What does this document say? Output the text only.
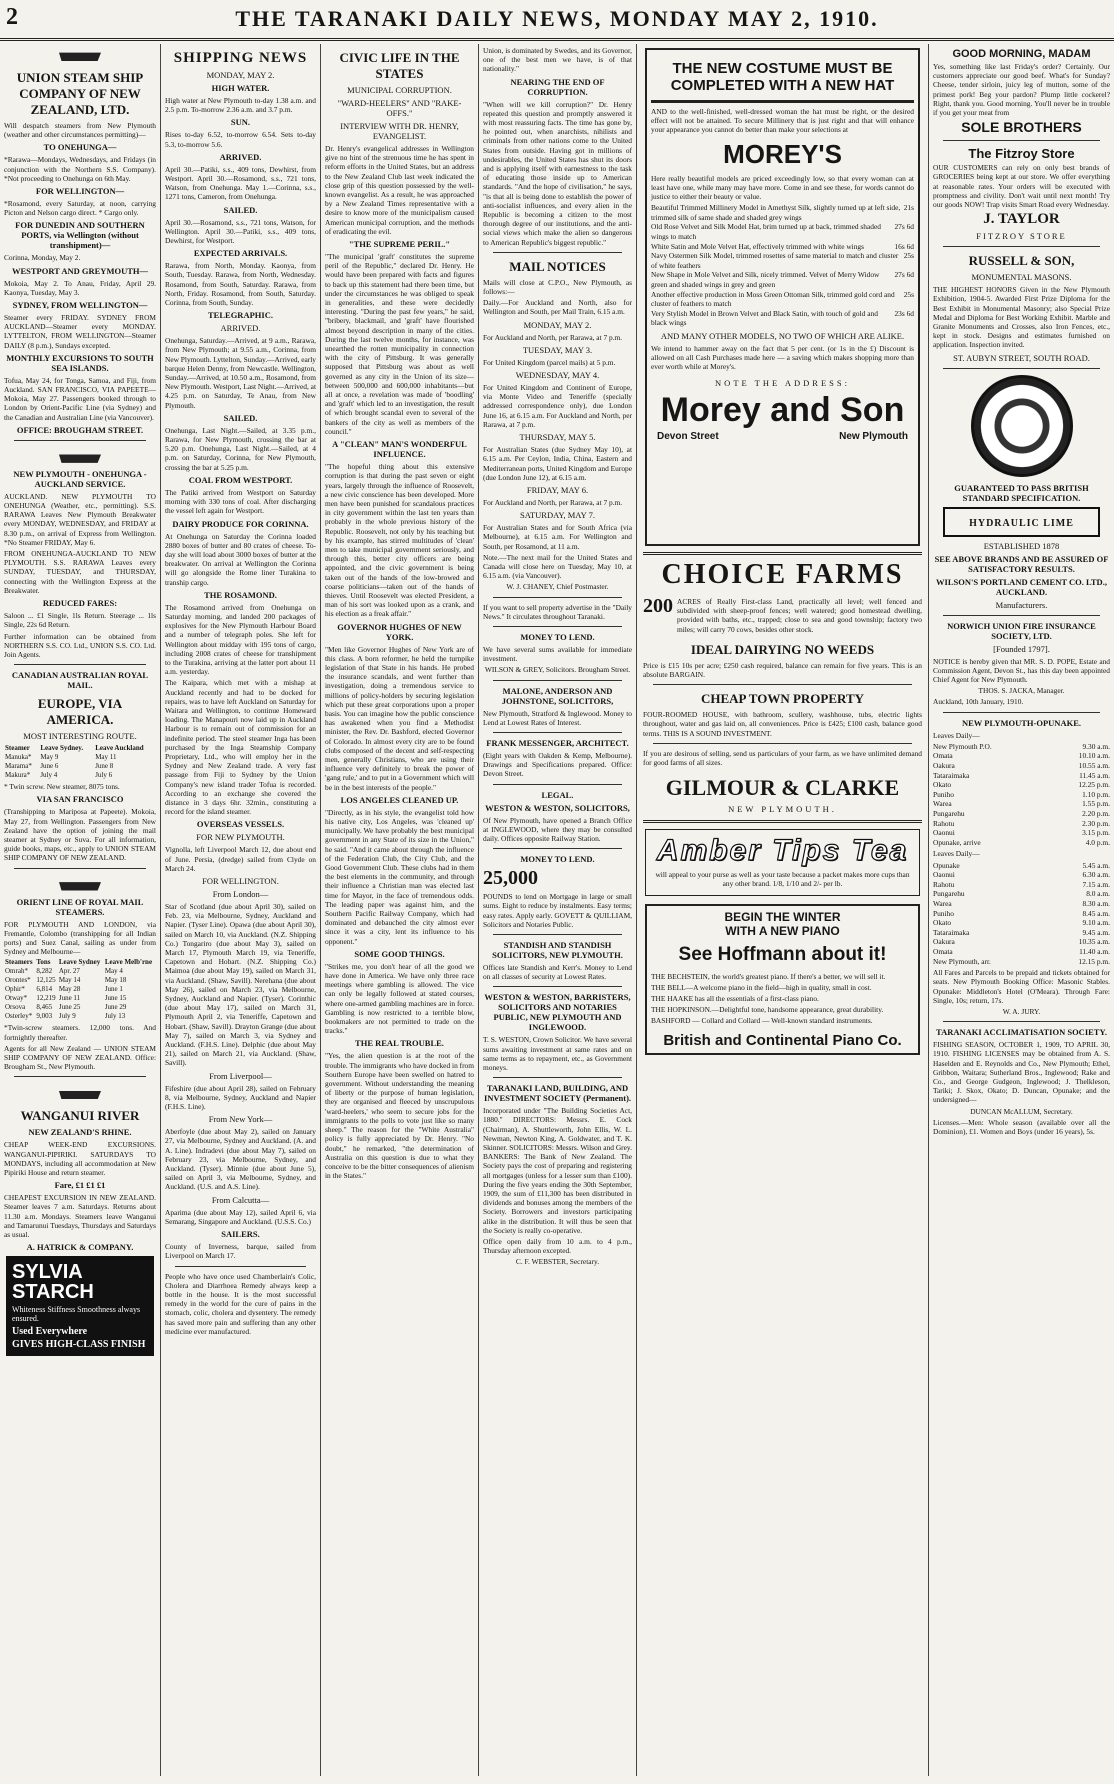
2	THE TARANAKI DAILY NEWS, MONDAY MAY 2, 1910.
UNION STEAM SHIP COMPANY OF NEW ZEALAND, LTD.
Will despatch steamers from New Plymouth (weather and other circumstances permitting)—
TO ONEHUNGA—
*Rarawa—Mondays, Wednesdays, and Fridays (in conjunction with the Northern S.S. Company). *Not proceeding to Onehunga on 6th May.
FOR WELLINGTON—
*Rosamond, every Saturday, at noon, carrying Picton and Nelson cargo direct. * Cargo only.
FOR DUNEDIN AND SOUTHERN PORTS, via Wellington (without transhipment)—
Corinna, Monday, May 2.
WESTPORT AND GREYMOUTH—
Mokoia, May 2. To Anau, Friday, April 29. Kaonya, Tuesday, May 3.
SYDNEY, FROM WELLINGTON—
Steamer every FRIDAY. SYDNEY FROM AUCKLAND—Steamer every MONDAY. LYTTELTON, FROM WELLINGTON—Steamer DAILY (8 p.m.), Sundays excepted.
MONTHLY EXCURSIONS TO SOUTH SEA ISLANDS.
Tofua, May 24, for Tonga, Samoa, and Fiji, from Auckland. SAN FRANCISCO, VIA PAPEETE—Mokoia, May 27. Passengers booked through to London by Orient-Pacific Line (via Sydney) and the Canadian and Australian Line (via Vancouver).
OFFICE: BROUGHAM STREET.
NEW PLYMOUTH - ONEHUNGA - AUCKLAND SERVICE.
AUCKLAND. NEW PLYMOUTH TO ONEHUNGA (Weather, etc., permitting). S.S. RARAWA Leaves New Plymouth Breakwater every MONDAY, WEDNESDAY, and FRIDAY at 8.30 p.m., on arrival of Express from Wellington. *No Steamer FRIDAY, May 6.
FROM ONEHUNGA-AUCKLAND TO NEW PLYMOUTH. S.S. RARAWA Leaves every SUNDAY, TUESDAY, and THURSDAY, connecting with the Wellington Express at the Breakwater.
REDUCED FARES:
Saloon ... £1 Single, 1ls Return. Steerage ... 1ls Single, 22s 6d Return.
Further information can be obtained from NORTHERN S.S. CO. Ltd., UNION S.S. CO. Ltd. Join Agents.
CANADIAN AUSTRALIAN ROYAL MAIL.
EUROPE, VIA AMERICA.
MOST INTERESTING ROUTE.
Steamer	Leave Sydney.	Leave Auckland
Manuka*	May 9	May 11
Marama*	June 6	June 8
Makura*	July 4	July 6
* Twin screw. New steamer, 8075 tons.
VIA SAN FRANCISCO
(Transhipping to Mariposa at Papeete). Mokoia, May 27, from Wellington. Passengers from New Zealand have the option of joining the mail steamer at Sydney or Suva. For all information, guide books, maps, etc., apply to UNION STEAM SHIP COMPANY OF NEW ZEALAND.
ORIENT LINE OF ROYAL MAIL STEAMERS.
FOR PLYMOUTH AND LONDON, via Fremantle, Colombo (transhipping for all Indian ports) and Suez Canal, sailing as under from Sydney and Melbourne—
Steamers	Tons	Leave Sydney	Leave Melb'rne
Omrah*	8,282	Apr. 27	May 4
Orontes*	12,125	May 14	May 18
Ophir*	6,814	May 28	June 1
Otway*	12,219	June 11	June 15
Orsova	8,465	June 25	June 29
Osterley*	9,003	July 9	July 13
*Twin-screw steamers. 12,000 tons. And fortnightly thereafter.
Agents for all New Zealand — UNION STEAM SHIP COMPANY OF NEW ZEALAND. Office: Brougham St., New Plymouth.
WANGANUI RIVER
NEW ZEALAND'S RHINE.
CHEAP WEEK-END EXCURSIONS. WANGANUI-PIPIRIKI. SATURDAYS TO MONDAYS, including all accommodation at New Pipiriki House and return steamer.
Fare, £1 £1 £1
CHEAPEST EXCURSION IN NEW ZEALAND. Steamer leaves 7 a.m. Saturdays. Returns about 11.30 a.m. Mondays. Steamers leave Wanganui and Tamarunui Tuesdays, Thursdays and Saturdays as usual.
A. HATRICK & COMPANY.
SYLVIA STARCH
Whiteness Stiffness Smoothness always ensured.
Used Everywhere
GIVES HIGH-CLASS FINISH
SHIPPING NEWS
MONDAY, MAY 2.
HIGH WATER.
High water at New Plymouth to-day 1.38 a.m. and 2.5 p.m. To-morrow 2.36 a.m. and 3.7 p.m.
SUN.
Rises to-day 6.52, to-morrow 6.54. Sets to-day 5.3, to-morrow 5.6.
ARRIVED.
April 30.—Patiki, s.s., 409 tons, Dewhirst, from Westport. April 30.—Rosamond, s.s., 721 tons, Watson, from Onehunga. May 1.—Corinna, s.s., 1271 tons, Cameron, from Onehunga.
SAILED.
April 30.—Rosamond, s.s., 721 tons, Watson, for Wellington. April 30.—Patiki, s.s., 409 tons, Dewhirst, for Westport.
EXPECTED ARRIVALS.
Rarawa, from North, Monday. Kaonya, from South, Tuesday. Rarawa, from North, Wednesday. Rosamond, from South, Saturday. Rarawa, from North, Friday. Rosamond, from South, Saturday. Corinna, from South, Sunday.
TELEGRAPHIC.
ARRIVED.
Onehunga, Saturday.—Arrived, at 9 a.m., Rarawa, from New Plymouth; at 9.55 a.m., Corinna, from New Plymouth. Lyttelton, Sunday.—Arrived, early barque Helen Denny, from Newcastle. Wellington, Sunday.—Arrived, at 10.50 a.m., Rosamond, from New Plymouth. Westport, Last Night.—Arrived, at 4.25 p.m. on Saturday, Te Anau, from New Plymouth.
SAILED.
Onehunga, Last Night.—Sailed, at 3.35 p.m., Rarawa, for New Plymouth, crossing the bar at 5.20 p.m. Onehunga, Last Night.—Sailed, at 4 p.m. on Saturday, Corinna, for New Plymouth, crossing the bar at 5.25 p.m.
COAL FROM WESTPORT.
The Patiki arrived from Westport on Saturday morning with 330 tons of coal. After discharging the vessel left again for Westport.
DAIRY PRODUCE FOR CORINNA.
At Onehunga on Saturday the Corinna loaded 2880 boxes of butter and 80 crates of cheese. To-day she will load about 3000 boxes of butter at the breakwater. On arrival at Wellington the Corinna will go alongside the Rome liner Turakina to tranship cargo.
THE ROSAMOND.
The Rosamond arrived from Onehunga on Saturday morning, and landed 200 packages of explosives for the New Plymouth Harbour Board and a number of telegraph poles. She left for Wellington about midday with 195 tons of cargo, including 2008 crates of cheese for transhipment to the Turakina, arriving at the latter port about 11 a.m. yesterday.
The Kaipara, which met with a mishap at Auckland recently and had to be docked for repairs, was to have left Auckland on Saturday for Waitara and Wellington, to continue Homeward loading. The Manapouri now laid up in Auckland Harbour is to remain out of commission for an indefinite period. The steel steamer Inga has been purchased by the Inga Steamship Company Proprietary, Ltd., who will employ her in the Sydney and New Zealand trade. A very fast passage from Fiji to Sydney by the Union Company's new island trader Tofua is recorded. According to an exchange she covered the distance in 3 days 6hr. 32min., constituting a record for the island steamer.
OVERSEAS VESSELS.
FOR NEW PLYMOUTH.
Vignolla, left Liverpool March 12, due about end of June. Persia, (dredge) sailed from Clyde on March 24.
FOR WELLINGTON.
From London—
Star of Scotland (due about April 30), sailed on Feb. 23, via Melbourne, Sydney, Auckland and Napier. (Tyser Line). Opawa (due about April 30), sailed on March 10, via Auckland. (N.Z. Shipping Co.) Tongariro (due about May 3), sailed on March 17, Plymouth March 19, via Teneriffe, Capetown and Hobart. (N.Z. Shipping Co.) Maimoa (due about May 19), sailed on March 31, via Auckland. (Shaw, Savill). Nerehana (due about May 26), sailed on March 23, via Melbourne, Sydney, Auckland and Napier. (Tyser). Corinthic (due about May 17), sailed on March 31, Plymouth April 2, via Teneriffe, Capetown and Hobart. (Shaw, Savill). Drayton Grange (due about May 7), sailed on March 3, via Sydney and Auckland. (F.H.S. Line). Delphic (due about May 21), sailed on March 21, via Auckland. (Shaw, Savill).
From Liverpool—
Fifeshire (due about April 28), sailed on February 8, via Melbourne, Sydney, Auckland and Napier (F.H.S. Line).
From New York—
Aberfoyle (due about May 2), sailed on January 27, via Melbourne, Sydney and Auckland. (A. and A. Line). Indradevi (due about May 7), sailed on February 23, via Melbourne, Sydney, and Auckland. (Tyser). Minnie (due about June 5), sailed on April 3, via Melbourne, Sydney, and Auckland. (U.S. and A.S. Line).
From Calcutta—
Aparima (due about May 12), sailed April 6, via Semarang, Singapore and Auckland. (U.S.S. Co.)
SAILERS.
County of Inverness, barque, sailed from Liverpool on March 17.
People who have once used Chamberlain's Colic, Cholera and Diarrhoea Remedy always keep a bottle in the house. It is the most successful remedy in the world for the cure of pains in the stomach, colic, cholera and dysentery. The remedy has saved more pain and suffering than any other medicine ever manufactured.
CIVIC LIFE IN THE STATES
MUNICIPAL CORRUPTION.
"WARD-HEELERS" AND "RAKE-OFFS."
INTERVIEW WITH DR. HENRY, EVANGELIST.
Dr. Henry's evangelical addresses in Wellington give no hint of the strenuous time he has spent in reform efforts in the United States, but an address to the New Zealand Club last week indicated the close grip of this question possessed by the well-known evangelist. As a result, he was approached by a New Zealand Times representative with a desire to know more of the municipalism caused American municipal corruption, and the methods of eradicating the evil.
"THE SUPREME PERIL."
"The municipal 'graft' constitutes the supreme peril of the Republic," declared Dr. Henry. He would have been prepared with facts and figures to back up this statement had there been time, but under the circumstances he was obliged to speak in generalities, and these were decidedly interesting. "During the past few years," he said, "bribery, blackmail, and 'graft' have flourished almost beyond description in many of the cities. During the last twelve months, for instance, was unearthed the rotten municipality in connection with the city of Pittsburg. It was generally supposed that Pittsburg was about as well governed as any city in the Union of its size—between 500,000 and 600,000 inhabitants—but all at once, a revelation was made of 'boodling' and 'graft' which led to an investigation, the result of which brought scandal even to several of the bankers of the city as well as members of the council."
A "CLEAN" MAN'S WONDERFUL INFLUENCE.
"The hopeful thing about this extensive corruption is that during the past seven or eight years, largely through the influence of Roosevelt, a new civic conscience has been developed. More men have been punished for scandalous practices in city government within the last ten years than probably in the whole previous history of the Republic. Roosevelt, not only by his teaching but by his example, has stirred multitudes of 'clean' men to take municipal government seriously, and through this, better city officers are being appointed, and the civic government is being taken out of the hands of the low-browed and coarse politicians—taken out of the hands of thieves. Until Roosevelt was elected President, a man of his sort was looked upon as a crank, and his election as a freak affair."
GOVERNOR HUGHES OF NEW YORK.
"Men like Governor Hughes of New York are of this class. A born reformer, he held the turnpike legislation of that State in his hands. He probed the insurance scandals, and went further than investigation, doing a tremendous service to millions of policy-holders by securing legislation which put these great corporations upon a proper basis. You can imagine how the public conscience has awakened when you find a Methodist minister, the Rev. Dr. Bashford, elected Governor of Colorado. In almost every city are to be found clubs composed of the decent and self-respecting men, generally Christians, who are using their influence very definitely to break the power of 'gang rule,' and to put in a Government which will be in the best interests of the people."
LOS ANGELES CLEANED UP.
"Directly, as in his style, the evangelist told how his native city, Los Angeles, was 'cleaned up' municipally. We have probably the best municipal government in any State of its size in the Union," he said. "And it came about through the influence of the Federation Club, the City Club, and the Good Government Club. These clubs had in them the best elements in the community, and through their influence a Christian man was elected last time for Mayor, in the face of tremendous odds. The leading paper was against him, and the Southern Pacific Railway Company, which had dominated and debauched the city almost ever since it was a city, lent its influence to his opponent."
SOME GOOD THINGS.
"Strikes me, you don't hear of all the good we have done in America. We have only three race meetings where gambling is allowed. The vice can only be legally followed at stated courses, where one-armed gambling machines are in force. Gambling is now restricted to a terrible blow, bookmakers are not permitted to trade on the tracks."
THE REAL TROUBLE.
"Yes, the alien question is at the root of the trouble. The immigrants who have docked in from Southern Europe have been swelled on hatred to government. Without understanding the meaning of liberty or the purpose of human legislation, they are organised and fleeced by unscrupulous 'ward-heelers,' who seem to secure jobs for the immigrants to the polls to vote just like so many sheep." The reason for the "White Australia" policy is fully appreciated by Dr. Henry. "No doubt," he remarked, "the determination of Australia on this question is due to what they conceive to be the bitter consequences of alienism in the States."
Union, is dominated by Swedes, and its Governor, one of the best men we have, is of that nationality."
NEARING THE END OF CORRUPTION.
"When will we kill corruption?" Dr. Henry repeated this question and promptly answered it with most reassuring facts. The time has gone by, he pointed out, when anarchists, nihilists and criminals from other nations come to the United States from outside. Having got in millions of undesirables, the United States has shut its doors and is applying itself with earnestness to the task of educating those inside up to American standards. "And the hope of civilisation," he says, "is that all is being done to establish the power of anti-socialist influences, and every alien in the Republic is becoming a citizen to the most thorough degree of our institutions, and the anti-social views which make the alien so dangerous to American Republic's biggest republic."
MAIL NOTICES
Mails will close at C.P.O., New Plymouth, as follows:—
Daily.—For Auckland and North, also for Wellington and South, per Mail Train, 6.15 a.m.
MONDAY, MAY 2.
For Auckland and North, per Rarawa, at 7 p.m.
TUESDAY, MAY 3.
For United Kingdom (parcel mails) at 5 p.m.
WEDNESDAY, MAY 4.
For United Kingdom and Continent of Europe, via Monte Video and Teneriffe (specially addressed correspondence only), due London June 16, at 6.15 a.m. For Auckland and North, per Rarawa, at 7 p.m.
THURSDAY, MAY 5.
For Australian States (due Sydney May 10), at 6.15 a.m. Per Ceylon, India, China, Eastern and Mediterranean ports, United Kingdom and Europe (due London June 12), at 6.15 a.m.
FRIDAY, MAY 6.
For Auckland and North, per Rarawa, at 7 p.m.
SATURDAY, MAY 7.
For Australian States and for South Africa (via Melbourne), at 6.15 a.m. For Wellington and South, per Rosamond, at 11 a.m.
Note.—The next mail for the United States and Canada will close here on Tuesday, May 10, at 6.15 a.m. (via Vancouver).
W. J. CHANEY, Chief Postmaster.
If you want to sell property advertise in the "Daily News." It circulates throughout Taranaki.
MONEY TO LEND.
We have several sums available for immediate investment.
WILSON & GREY, Solicitors. Brougham Street.
MALONE, ANDERSON AND JOHNSTONE, SOLICITORS,
New Plymouth, Stratford & Inglewood. Money to Lend at Lowest Rates of Interest.
FRANK MESSENGER, ARCHITECT.
(Eight years with Oakden & Kemp, Melbourne). Drawings and Specifications prepared. Office: Devon Street.
LEGAL.
WESTON & WESTON, SOLICITORS,
Of New Plymouth, have opened a Branch Office at INGLEWOOD, where they may be consulted daily. Offices opposite Railway Station.
MONEY TO LEND.
25,000
POUNDS to lend on Mortgage in large or small sums. Eight to reduce by instalments. Easy terms; easy rates. Apply early. GOVETT & QUILLIAM, Solicitors and Notaries Public.
STANDISH AND STANDISH SOLICITORS, NEW PLYMOUTH.
Offices late Standish and Kerr's. Money to Lend on all classes of security at Lowest Rates.
WESTON & WESTON, BARRISTERS, SOLICITORS AND NOTARIES PUBLIC, NEW PLYMOUTH AND INGLEWOOD.
T. S. WESTON, Crown Solicitor. We have several sums awaiting investment at same rates and on same terms as to repayment, etc., as Government moneys.
TARANAKI LAND, BUILDING, AND INVESTMENT SOCIETY (Permanent).
Incorporated under "The Building Societies Act, 1880." DIRECTORS: Messrs. E. Cock (Chairman), A. Shuttleworth, John Ellis, W. L. Newman, Newton King, A. Goldwater, and T. K. Skinner. SOLICITORS: Messrs. Wilson and Grey. BANKERS: The Bank of New Zealand. The Society pays the cost of preparing and registering all mortgages (unless for a lesser sum than £100). During the five years ending the 30th September, 1909, the sum of £11,300 has been distributed in dividends and bonuses among the members of the Society. Borrowers and investors participating alike in the distribution. It will thus be seen that the Society is really co-operative.
Office open daily from 10 a.m. to 4 p.m., Thursday afternoon excepted.
C. F. WEBSTER, Secretary.
THE NEW COSTUME MUST BE
COMPLETED WITH A NEW HAT
AND to the well-finished, well-dressed woman the hat must be right, or the desired effect will not be attained. To secure Millinery that is just right and that will enhance your appearance you cannot do better than make your selections at
MOREY'S
Here really beautiful models are priced exceedingly low, so that every woman can at least have one, while many may have more. Come in and see these, for words cannot do justice to either their beauty or value.
Beautiful Trimmed Millinery Model in Amethyst Silk, slightly turned up at left side, trimmed silk of same shade and shaded grey wings
21s
Old Rose Velvet and Silk Model Hat, brim turned up at back, trimmed shaded wings to match
27s 6d
White Satin and Mole Velvet Hat, effectively trimmed with white wings	16s 6d
Navy Ostermen Silk Model, trimmed rosettes of same material to match and cluster of white feathers
25s
New Shape in Mole Velvet and Silk, nicely trimmed. Velvet of Merry Widow green and shaded wings in grey and green
27s 6d
Another effective production in Moss Green Ottoman Silk, trimmed gold cord and cluster of feathers to match
25s
Very Stylish Model in Brown Velvet and Black Satin, with touch of gold and black wings
23s 6d
AND MANY OTHER MODELS, NO TWO OF WHICH ARE ALIKE.
We intend to hammer away on the fact that 5 per cent. (or 1s in the £) Discount is allowed on all Cash Purchases made here — a saving which makes shopping more than ever worth while at Morey's.
NOTE THE ADDRESS:
Morey and Son
Devon Street	New Plymouth
CHOICE FARMS
200 ACRES of Really First-class Land, practically all level; well fenced and subdivided with sheep-proof fences; well watered; good homestead dwelling, provided with baths, etc., trapped; close to sea and good township; factory two miles; will carry 70 cows, besides other stock.
IDEAL DAIRYING NO WEEDS
Price is £15 10s per acre; £250 cash required, balance can remain for five years. This is an absolute BARGAIN.
CHEAP TOWN PROPERTY
FOUR-ROOMED HOUSE, with bathroom, scullery, washhouse, tubs, electric lights throughout, water and gas laid on, all conveniences. Price is £425; £100 cash, balance good terms. THIS IS A SOUND INVESTMENT.
If you are desirous of selling, send us particulars of your farm, as we have unlimited demand for good farms of all sizes.
GILMOUR & CLARKE
NEW PLYMOUTH.
Amber Tips Tea
will appeal to your purse as well as your taste because a packet makes more cups than any other brand. 1/8, 1/10 and 2/- per lb.
BEGIN THE WINTER
WITH A NEW PIANO
See Hoffmann about it!
THE BECHSTEIN, the world's greatest piano. If there's a better, we will sell it.
THE BELL—A welcome piano in the field—high in quality, small in cost.
THE HAAKE has all the essentials of a first-class piano.
THE HOPKINSON.—Delightful tone, handsome appearance, great durability.
BASHFORD — Collard and Collard — Well-known standard instruments.
British and Continental Piano Co.
GOOD MORNING, MADAM
Yes, something like last Friday's order? Certainly. Our customers appreciate our good beef. What's for Sunday? Cheese, tender sirloin, juicy leg of mutton, some of the primest pork! Beg your pardon? Plump little cockerel? Right, thank you. Good morning. You'll never be in trouble if you get your meat from
SOLE BROTHERS
The Fitzroy Store
OUR CUSTOMERS can rely on only best brands of GROCERIES being kept at our store. We offer everything at reasonable rates. Your orders will be executed with promptness and civility. Don't wait until next month! Try our goods NOW! Trap visits Smart Road every Wednesday.
J. TAYLOR
FITZROY STORE
RUSSELL & SON,
MONUMENTAL MASONS.
THE HIGHEST HONORS Given in the New Plymouth Exhibition, 1904-5. Awarded First Prize Diploma for the Best Exhibit in Monumental Masonry; also Special Prize Medal and Diploma for Best Working Exhibit. Marble and Granite Monuments and Crosses, also Iron Fences, etc., kept in stock. Designs and estimates furnished on application. Inspection invited.
ST. AUBYN STREET, SOUTH ROAD.
GUARANTEED TO PASS BRITISH STANDARD SPECIFICATION.
HYDRAULIC LIME
ESTABLISHED 1878
SEE ABOVE BRANDS AND BE ASSURED OF SATISFACTORY RESULTS.
WILSON'S PORTLAND CEMENT CO. LTD., AUCKLAND.
Manufacturers.
NORWICH UNION FIRE INSURANCE SOCIETY, LTD.
[Founded 1797].
NOTICE is hereby given that MR. S. D. POPE, Estate and Commission Agent, Devon St., has this day been appointed Chief Agent for New Plymouth.
THOS. S. JACKA, Manager.
Auckland, 10th January, 1910.
NEW PLYMOUTH-OPUNAKE.
Leaves Daily—
New Plymouth P.O.	9.30 a.m.
Omata	10.10 a.m.
Oakura	10.55 a.m.
Tataraimaka	11.45 a.m.
Okato	12.25 p.m.
Puniho	1.10 p.m.
Warea	1.55 p.m.
Pungarehu	2.20 p.m.
Rahotu	2.30 p.m.
Oaonui	3.15 p.m.
Opunake, arrive	4.0 p.m.
Leaves Daily—
Opunake	5.45 a.m.
Oaonui	6.30 a.m.
Rahotu	7.15 a.m.
Pungarehu	8.0 a.m.
Warea	8.30 a.m.
Puniho	8.45 a.m.
Okato	9.10 a.m.
Tataraimaka	9.45 a.m.
Oakura	10.35 a.m.
Omata	11.40 a.m.
New Plymouth, arr.	12.15 p.m.
All Fares and Parcels to be prepaid and tickets obtained for seats. New Plymouth Booking Office: Masonic Stables. Opunake: Middleton's Hotel (O'Meara). Through Fare: Single, 10s; return, 17s.
W. A. JURY.
TARANAKI ACCLIMATISATION SOCIETY.
FISHING SEASON, OCTOBER 1, 1909, TO APRIL 30, 1910. FISHING LICENSES may be obtained from A. S. Haselden and E. Reynolds and Co., New Plymouth; Ethel, Gribbon, Waitara; Sutherland Bros., Inglewood; Rake and Co., and George Gudgeon, Inglewood; J. Thelkleson, Tariki; J. Skox, Okato; D. Duncan, Opunake; and the undersigned—
DUNCAN McALLUM, Secretary.
Licenses.—Men: Whole season (available over all the Dominion), £1. Women and Boys (under 16 years), 5s.
